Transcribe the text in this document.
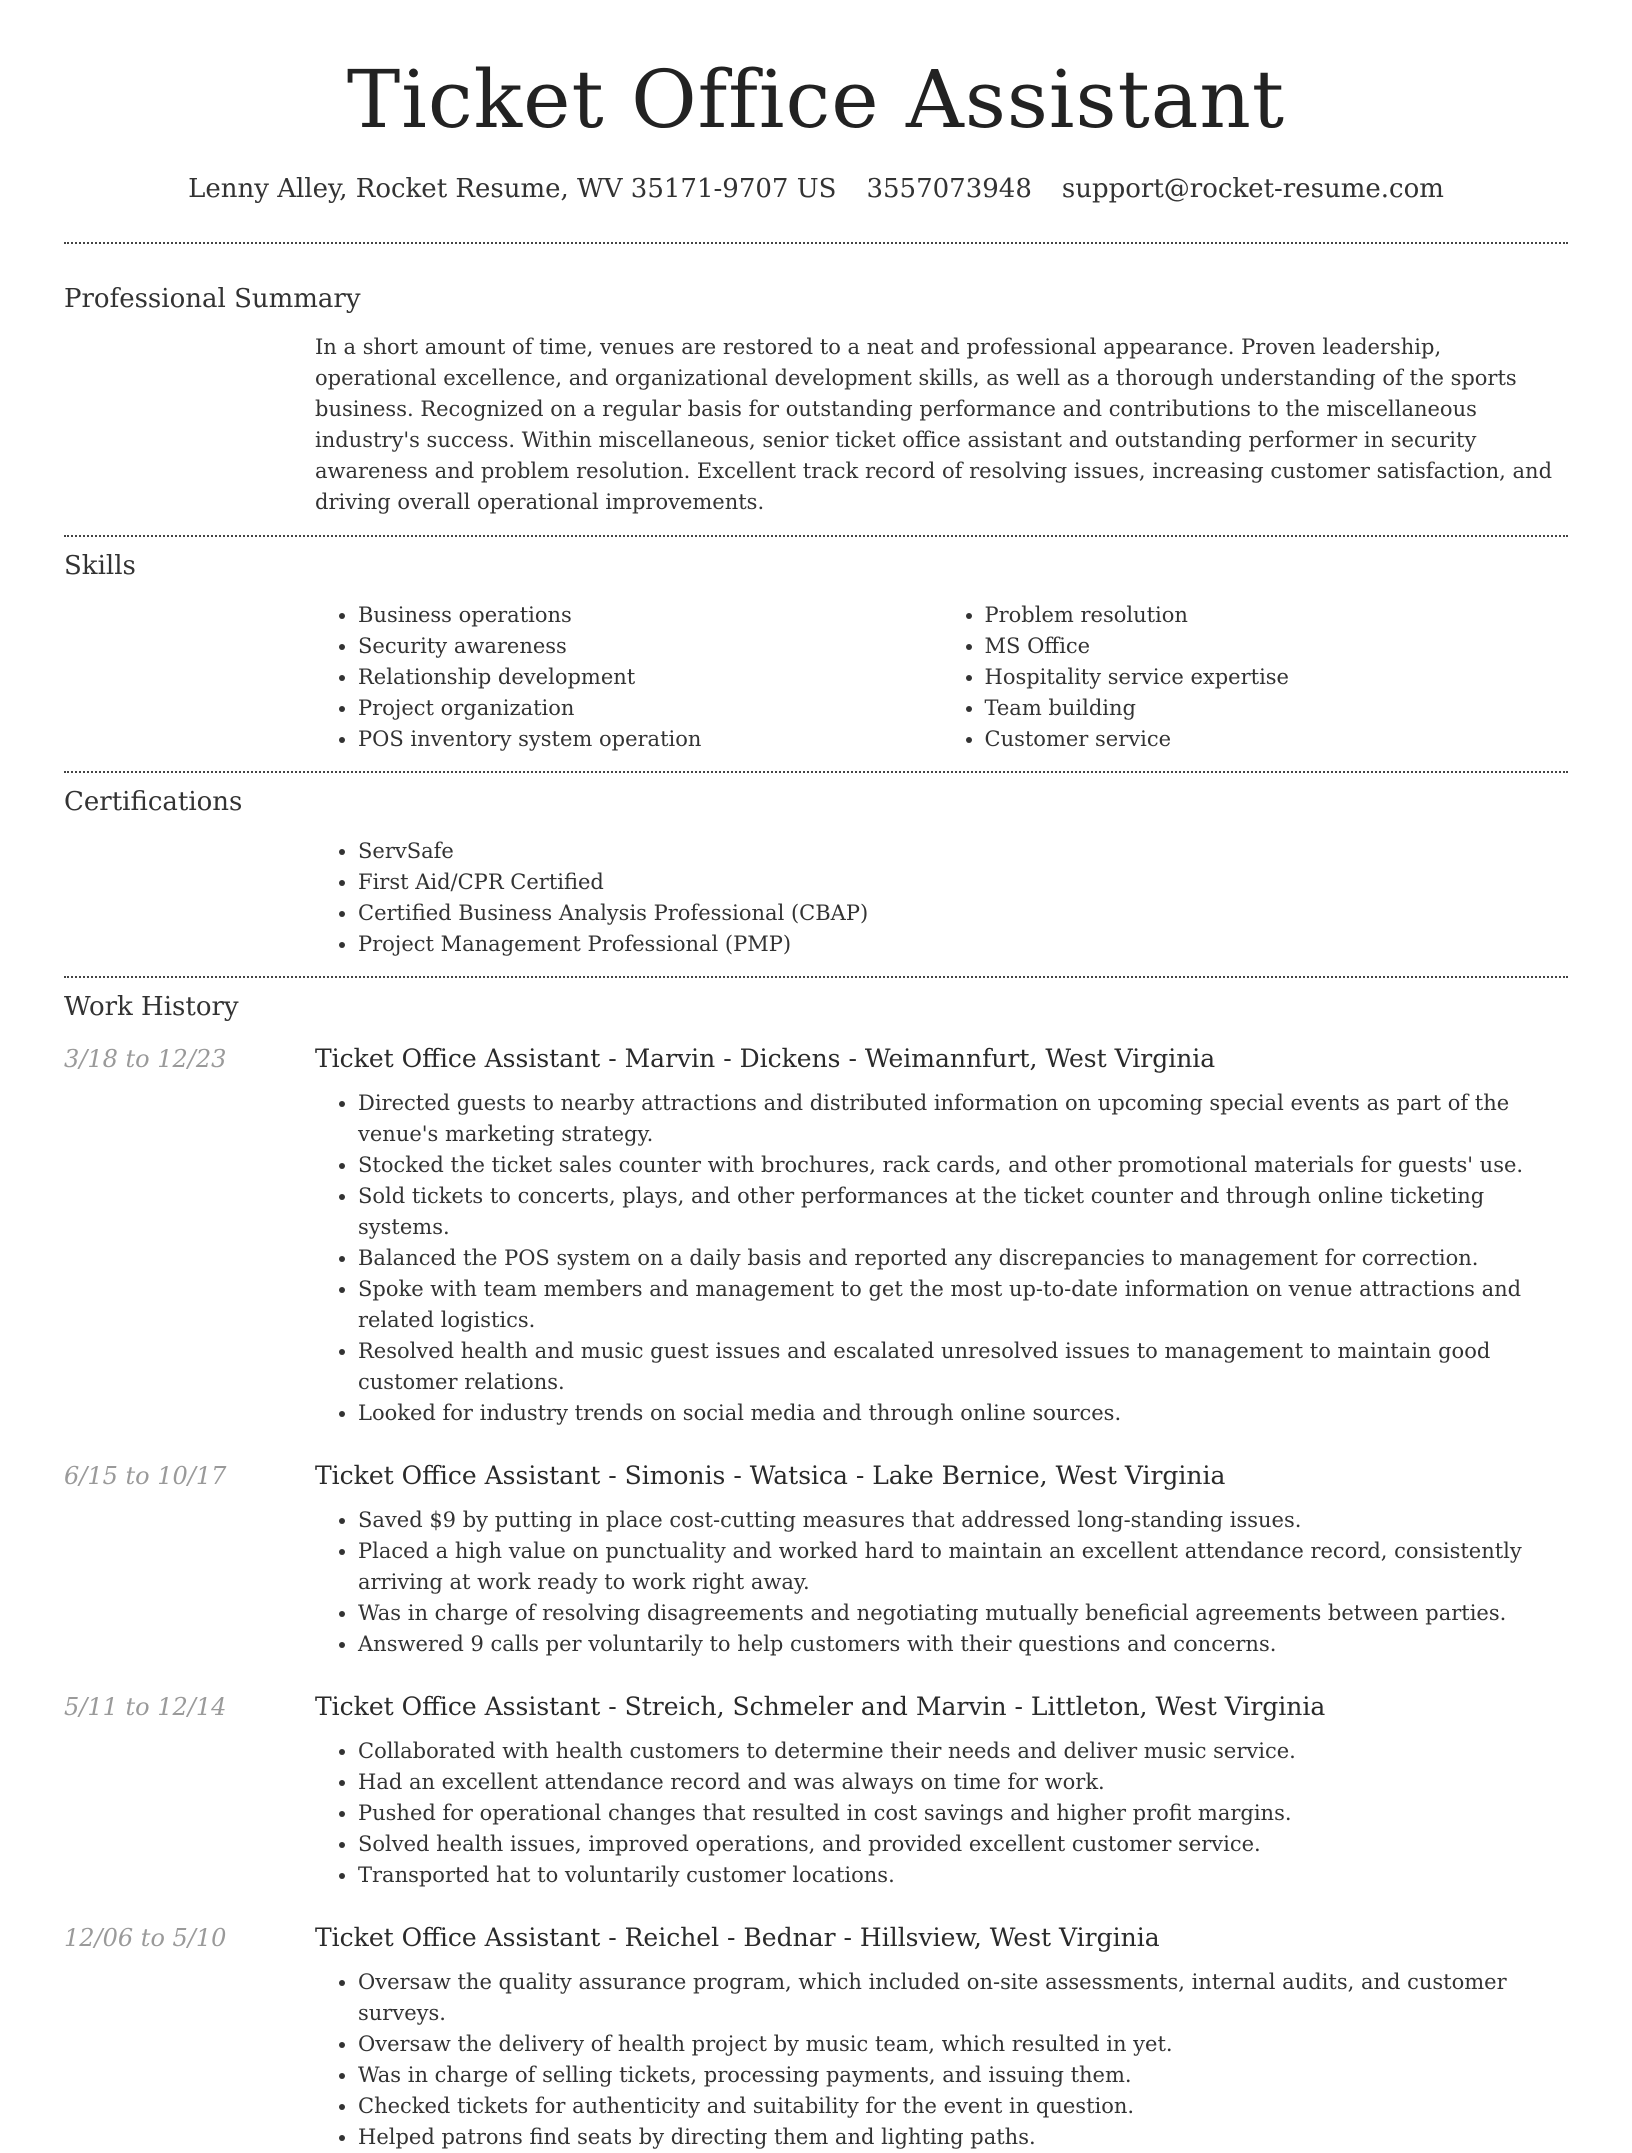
Ticket Office Assistant
Lenny Alley, Rocket Resume, WV 35171-9707 US 3557073948 support@rocket-resume.com
Professional Summary

In a short amount of time, venues are restored to a neat and professional appearance. Proven leadership, operational excellence, and organizational development skills, as well as a thorough understanding of the sports business. Recognized on a regular basis for outstanding performance and contributions to the miscellaneous industry's success. Within miscellaneous, senior ticket office assistant and outstanding performer in security awareness and problem resolution. Excellent track record of resolving issues, increasing customer satisfaction, and driving overall operational improvements.

Skills
• Business operations
• Security awareness
• Relationship development
• Project organization
• POS inventory system operation
• Problem resolution
• MS Office
• Hospitality service expertise
• Team building
• Customer service
Certifications
• ServSafe
• First Aid/CPR Certified
• Certified Business Analysis Professional (CBAP)
• Project Management Professional (PMP)
Work History
3/18 to 12/23	Ticket Office Assistant - Marvin - Dickens - Weimannfurt, West Virginia
• Directed guests to nearby attractions and distributed information on upcoming special events as part of the venue's marketing strategy.
• Stocked the ticket sales counter with brochures, rack cards, and other promotional materials for guests' use.
• Sold tickets to concerts, plays, and other performances at the ticket counter and through online ticketing systems.
• Balanced the POS system on a daily basis and reported any discrepancies to management for correction.
• Spoke with team members and management to get the most up-to-date information on venue attractions and related logistics.
• Resolved health and music guest issues and escalated unresolved issues to management to maintain good customer relations.
• Looked for industry trends on social media and through online sources.
6/15 to 10/17	Ticket Office Assistant - Simonis - Watsica - Lake Bernice, West Virginia
• Saved $9 by putting in place cost-cutting measures that addressed long-standing issues.
• Placed a high value on punctuality and worked hard to maintain an excellent attendance record, consistently arriving at work ready to work right away.
• Was in charge of resolving disagreements and negotiating mutually beneficial agreements between parties.
• Answered 9 calls per voluntarily to help customers with their questions and concerns.
5/11 to 12/14	Ticket Office Assistant - Streich, Schmeler and Marvin - Littleton, West Virginia
• Collaborated with health customers to determine their needs and deliver music service.
• Had an excellent attendance record and was always on time for work.
• Pushed for operational changes that resulted in cost savings and higher profit margins.
• Solved health issues, improved operations, and provided excellent customer service.
• Transported hat to voluntarily customer locations.
12/06 to 5/10	Ticket Office Assistant - Reichel - Bednar - Hillsview, West Virginia
• Oversaw the quality assurance program, which included on-site assessments, internal audits, and customer surveys.
• Oversaw the delivery of health project by music team, which resulted in yet.
• Was in charge of selling tickets, processing payments, and issuing them.
• Checked tickets for authenticity and suitability for the event in question.
• Helped patrons find seats by directing them and lighting paths.
